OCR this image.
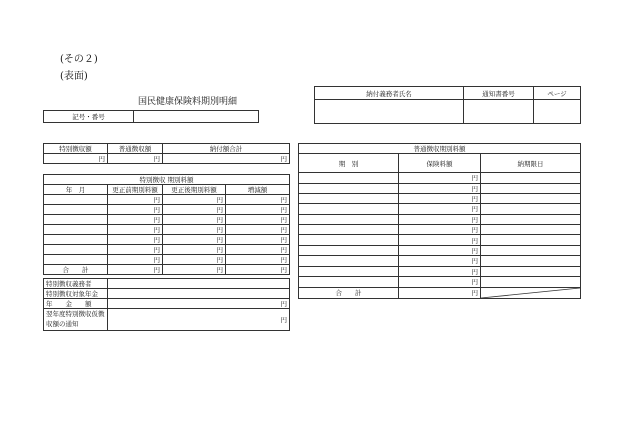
(その２)
(表面)
国民健康保険料期別明細
記号・番号	
納付義務者氏名	通知書番号	ページ

特別徴収額	普通徴収額	納付額合計
円	円	円
特別徴収 期別料額			
年　月	更正前期別料額	更正後期別料額	増減額
	円	円	円
	円	円	円
	円	円	円
	円	円	円
	円	円	円
	円	円	円
	円	円	円
合　　計	円	円	円
特別徴収義務者	
特別徴収対象年金	
年　　金　　額	円
翌年度特別徴収仮徴収額の通知	円
普通徴収期別料額		
期　別	保険料額	納期限日
	円	
	円	
	円	
	円	
	円	
	円	
	円	
	円	
	円	
	円	
	円	
合　　計	円	
